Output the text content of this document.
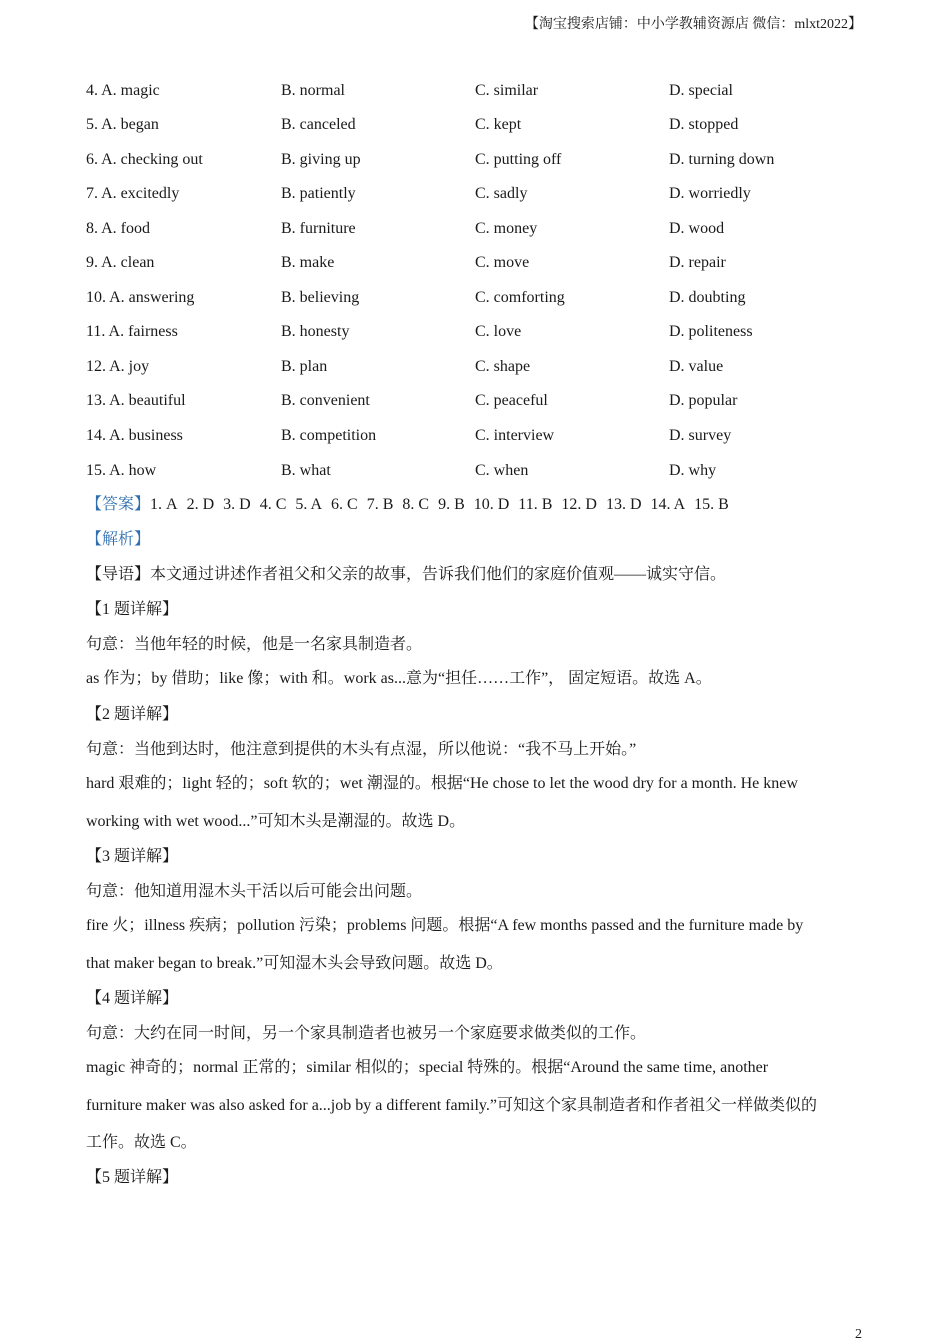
【淘宝搜索店铺：中小学教辅资源店 微信：mlxt2022】
4. A. magic	B. normal	C. similar	D. special
5. A. began	B. canceled	C. kept	D. stopped
6. A. checking out	B. giving up	C. putting off	D. turning down
7. A. excitedly	B. patiently	C. sadly	D. worriedly
8. A. food	B. furniture	C. money	D. wood
9. A. clean	B. make	C. move	D. repair
10. A. answering	B. believing	C. comforting	D. doubting
11. A. fairness	B. honesty	C. love	D. politeness
12. A. joy	B. plan	C. shape	D. value
13. A. beautiful	B. convenient	C. peaceful	D. popular
14. A. business	B. competition	C. interview	D. survey
15. A. how	B. what	C. when	D. why
【答案】1. A 2. D 3. D 4. C 5. A 6. C 7. B 8. C 9. B 10. D 11. B 12. D 13. D 14. A 15. B
【解析】
【导语】本文通过讲述作者祖父和父亲的故事，告诉我们他们的家庭价值观——诚实守信。
【1 题详解】
句意：当他年轻的时候，他是一名家具制造者。
as 作为；by 借助；like 像；with 和。work as...意为“担任……工作”， 固定短语。故选 A。
【2 题详解】
句意：当他到达时，他注意到提供的木头有点湿，所以他说：“我不马上开始。”
hard 艰难的；light 轻的；soft 软的；wet 潮湿的。根据“He chose to let the wood dry for a month. He knew
working with wet wood...”可知木头是潮湿的。故选 D。
【3 题详解】
句意：他知道用湿木头干活以后可能会出问题。
fire 火；illness 疾病；pollution 污染；problems 问题。根据“A few months passed and the furniture made by
that maker began to break.”可知湿木头会导致问题。故选 D。
【4 题详解】
句意：大约在同一时间，另一个家具制造者也被另一个家庭要求做类似的工作。
magic 神奇的；normal 正常的；similar 相似的；special 特殊的。根据“Around the same time, another
furniture maker was also asked for a...job by a different family.”可知这个家具制造者和作者祖父一样做类似的
工作。故选 C。
【5 题详解】
2
